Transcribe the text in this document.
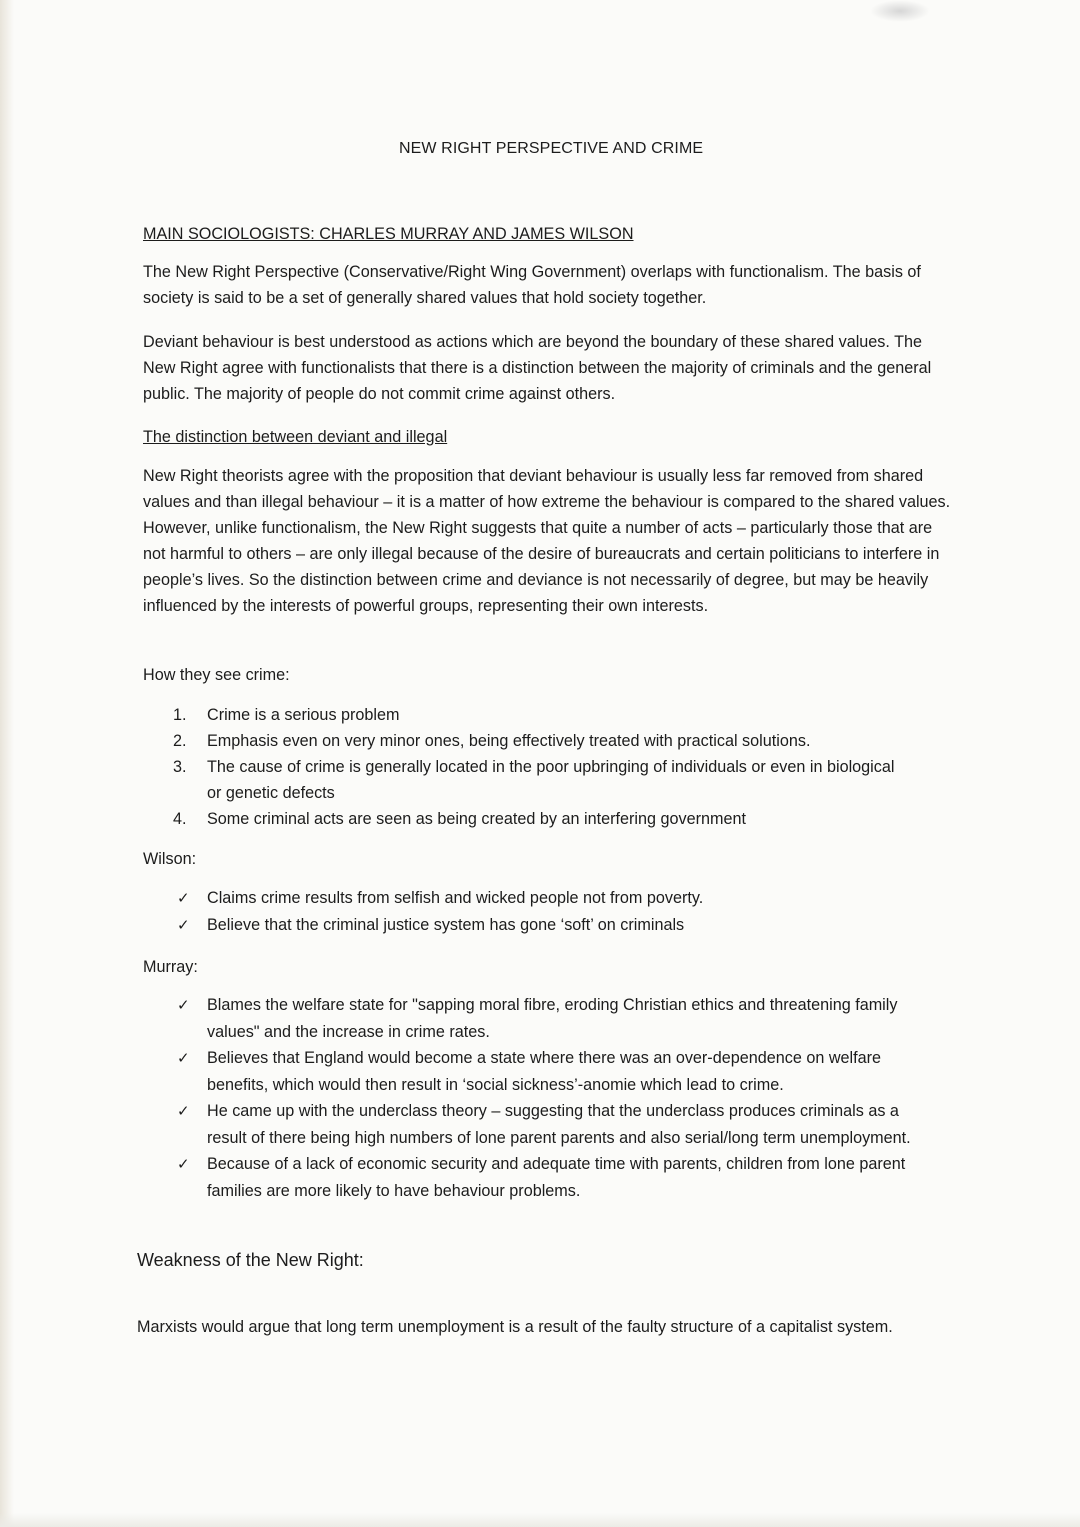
NEW RIGHT PERSPECTIVE AND CRIME
MAIN SOCIOLOGISTS: CHARLES MURRAY AND JAMES WILSON
The New Right Perspective (Conservative/Right Wing Government) overlaps with functionalism. The basis of society is said to be a set of generally shared values that hold society together.
Deviant behaviour is best understood as actions which are beyond the boundary of these shared values. The New Right agree with functionalists that there is a distinction between the majority of criminals and the general public. The majority of people do not commit crime against others.
The distinction between deviant and illegal
New Right theorists agree with the proposition that deviant behaviour is usually less far removed from shared values and than illegal behaviour – it is a matter of how extreme the behaviour is compared to the shared values. However, unlike functionalism, the New Right suggests that quite a number of acts – particularly those that are not harmful to others – are only illegal because of the desire of bureaucrats and certain politicians to interfere in people’s lives. So the distinction between crime and deviance is not necessarily of degree, but may be heavily influenced by the interests of powerful groups, representing their own interests.
How they see crime:
1. Crime is a serious problem
2. Emphasis even on very minor ones, being effectively treated with practical solutions.
3. The cause of crime is generally located in the poor upbringing of individuals or even in biological or genetic defects
4. Some criminal acts are seen as being created by an interfering government
Wilson:
✓ Claims crime results from selfish and wicked people not from poverty.
✓ Believe that the criminal justice system has gone ‘soft’ on criminals
Murray:
✓ Blames the welfare state for "sapping moral fibre, eroding Christian ethics and threatening family values" and the increase in crime rates.
✓ Believes that England would become a state where there was an over-dependence on welfare benefits, which would then result in ‘social sickness’-anomie which lead to crime.
✓ He came up with the underclass theory – suggesting that the underclass produces criminals as a result of there being high numbers of lone parent parents and also serial/long term unemployment.
✓ Because of a lack of economic security and adequate time with parents, children from lone parent families are more likely to have behaviour problems.
Weakness of the New Right:
Marxists would argue that long term unemployment is a result of the faulty structure of a capitalist system.
